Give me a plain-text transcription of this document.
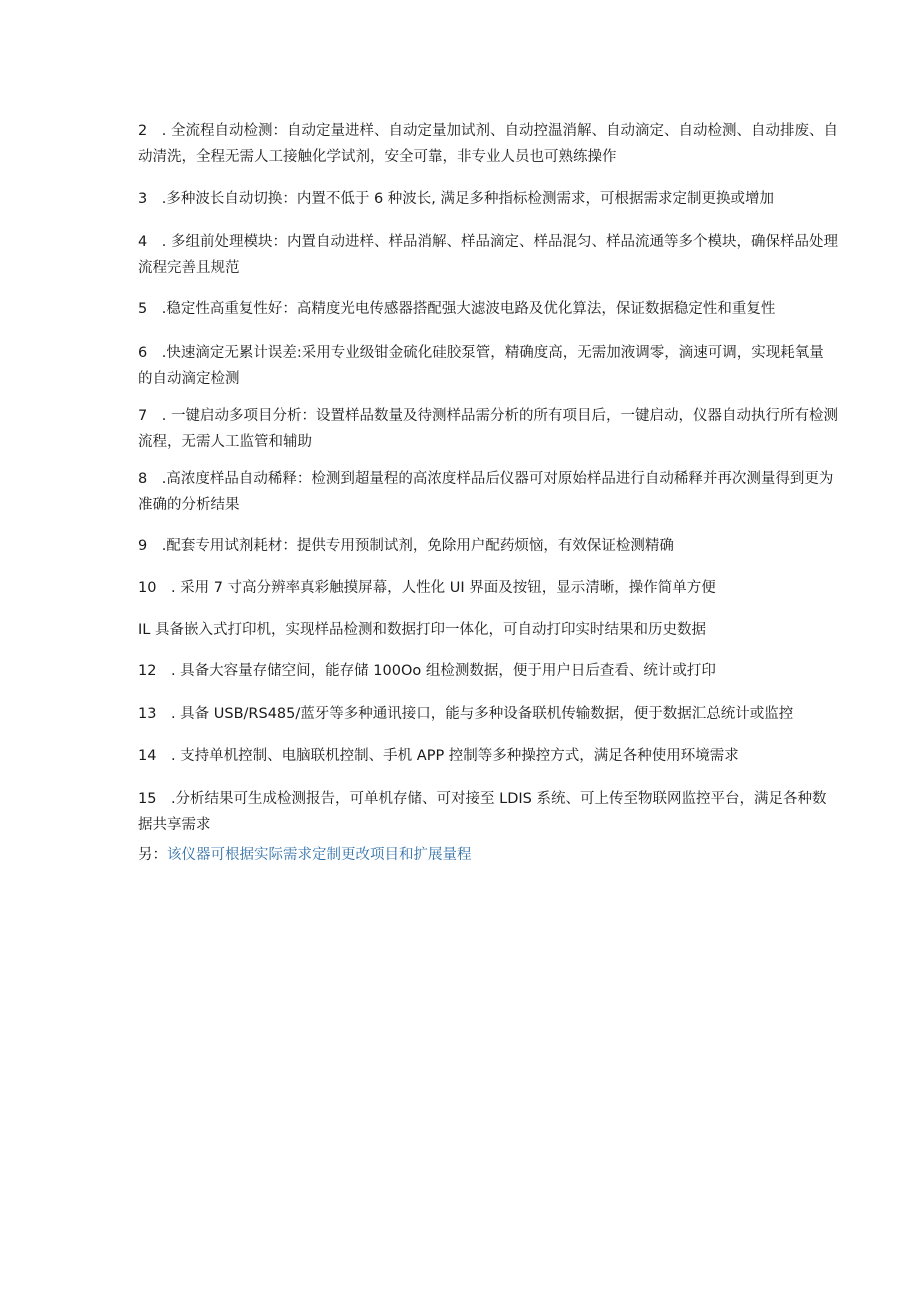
2　. 全流程自动检测：自动定量进样、自动定量加试剂、自动控温消解、自动滴定、自动检测、自动排废、自动清洗，全程无需人工接触化学试剂，安全可靠，非专业人员也可熟练操作

3　.多种波长自动切换：内置不低于 6 种波长, 满足多种指标检测需求，可根据需求定制更换或增加

4　. 多组前处理模块：内置自动进样、样品消解、样品滴定、样品混匀、样品流通等多个模块，确保样品处理流程完善且规范

5　.稳定性高重复性好：高精度光电传感器搭配强大滤波电路及优化算法，保证数据稳定性和重复性

6　.快速滴定无累计误差:采用专业级钳金硫化硅胶泵管，精确度高，无需加液调零，滴速可调，实现耗氧量的自动滴定检测

7　. 一键启动多项目分析：设置样品数量及待测样品需分析的所有项目后，一键启动，仪器自动执行所有检测流程，无需人工监管和辅助

8　.高浓度样品自动稀释：检测到超量程的高浓度样品后仪器可对原始样品进行自动稀释并再次测量得到更为准确的分析结果

9　.配套专用试剂耗材：提供专用预制试剂，免除用户配药烦恼，有效保证检测精确

10　. 采用 7 寸高分辨率真彩触摸屏幕，人性化 UI 界面及按钮，显示清晰，操作简单方便

IL 具备嵌入式打印机，实现样品检测和数据打印一体化，可自动打印实时结果和历史数据

12　. 具备大容量存储空间，能存储 100Oo 组检测数据，便于用户日后查看、统计或打印

13　. 具备 USB/RS485/蓝牙等多种通讯接口，能与多种设备联机传输数据，便于数据汇总统计或监控

14　. 支持单机控制、电脑联机控制、手机 APP 控制等多种操控方式，满足各种使用环境需求

15　.分析结果可生成检测报告，可单机存储、可对接至 LDIS 系统、可上传至物联网监控平台，满足各种数据共享需求

另：该仪器可根据实际需求定制更改项目和扩展量程
